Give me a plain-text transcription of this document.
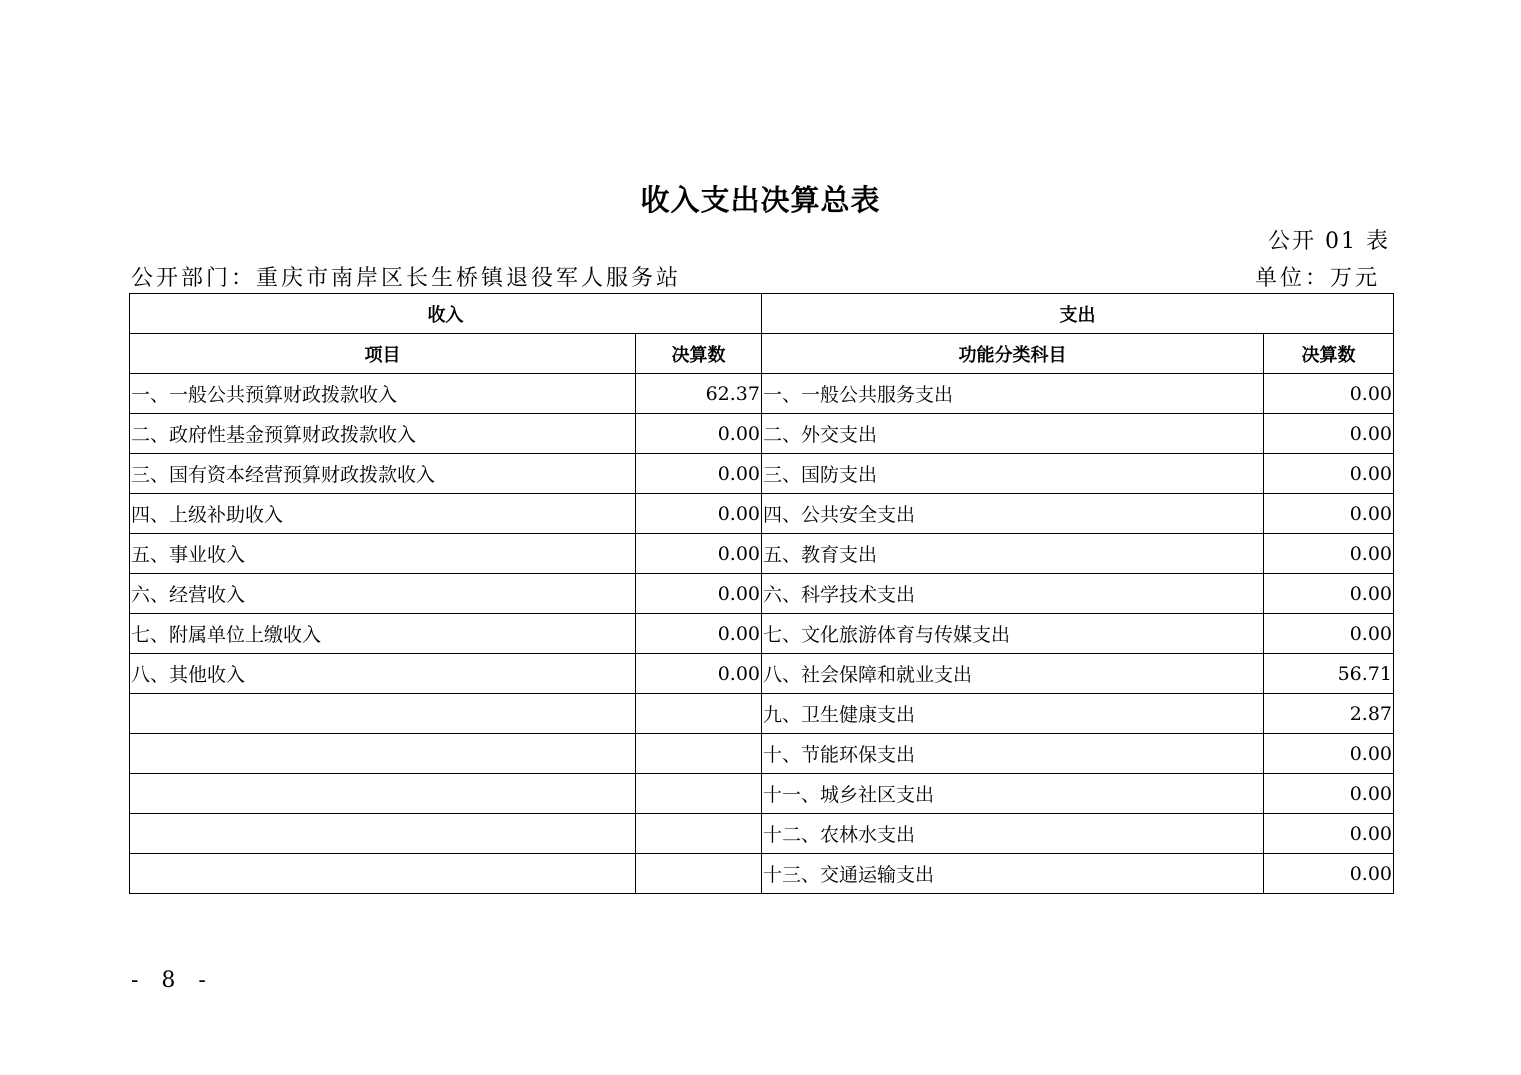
收入支出决算总表
公开 01 表
公开部门：重庆市南岸区长生桥镇退役军人服务站	单位：万元
收入		支出	
项目	决算数	功能分类科目	决算数
一、一般公共预算财政拨款收入	62.37	一、一般公共服务支出	0.00
二、政府性基金预算财政拨款收入	0.00	二、外交支出	0.00
三、国有资本经营预算财政拨款收入	0.00	三、国防支出	0.00
四、上级补助收入	0.00	四、公共安全支出	0.00
五、事业收入	0.00	五、教育支出	0.00
六、经营收入	0.00	六、科学技术支出	0.00
七、附属单位上缴收入	0.00	七、文化旅游体育与传媒支出	0.00
八、其他收入	0.00	八、社会保障和就业支出	56.71
		九、卫生健康支出	2.87
		十、节能环保支出	0.00
		十一、城乡社区支出	0.00
		十二、农林水支出	0.00
		十三、交通运输支出	0.00
- 8 -
